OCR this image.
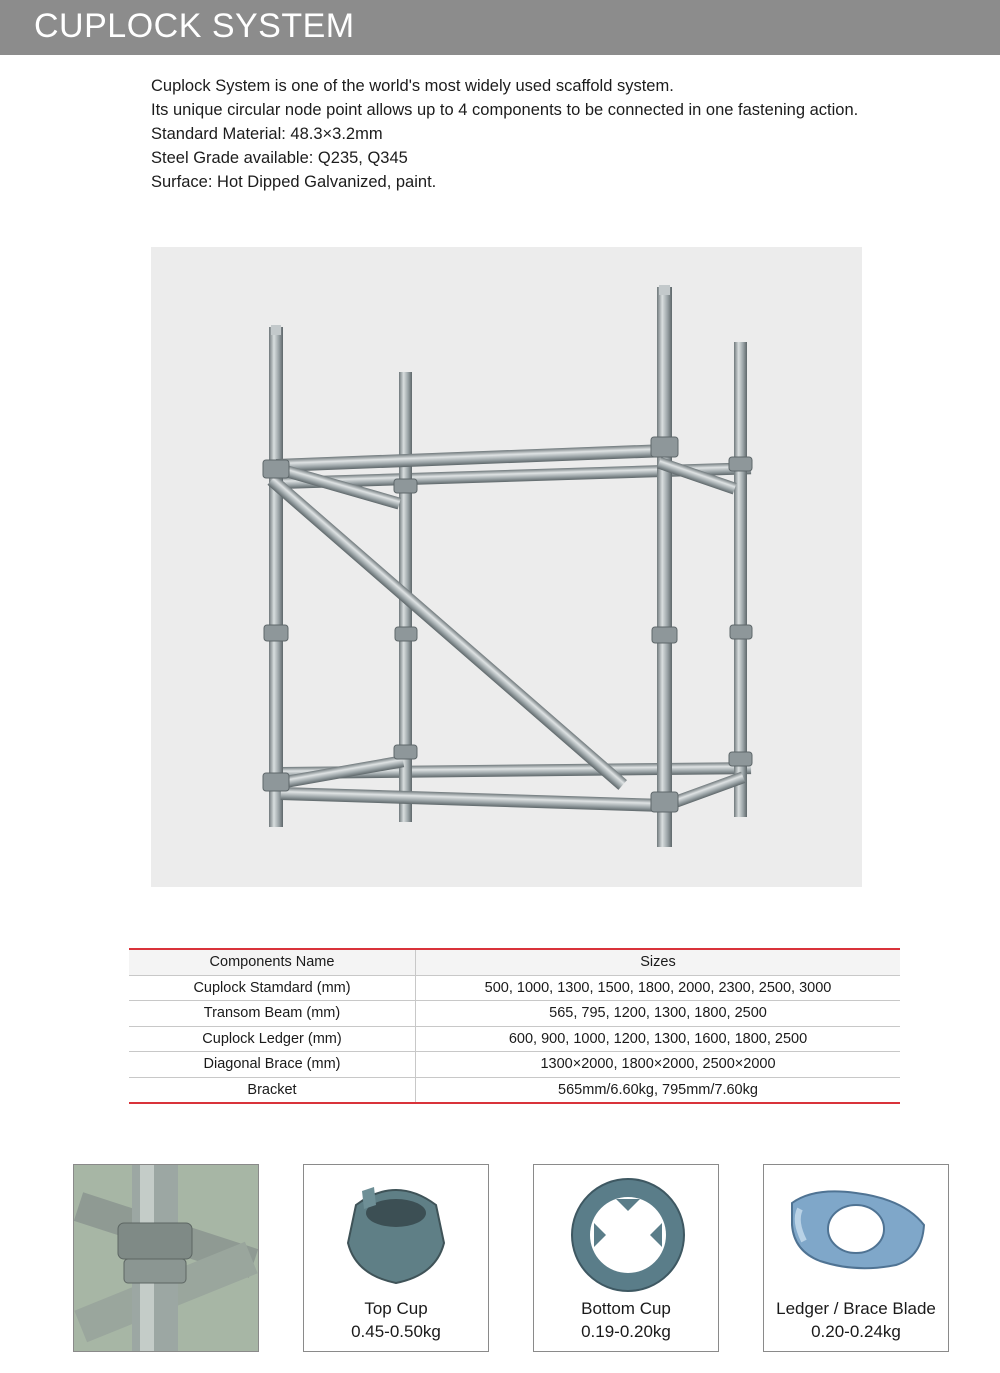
CUPLOCK SYSTEM
Cuplock System is one of the world's most widely used scaffold system.
Its unique circular node point allows up to 4 components to be connected in one fastening action.
Standard Material: 48.3×3.2mm
Steel Grade available: Q235, Q345
Surface: Hot Dipped Galvanized, paint.
Components Name	Sizes
Cuplock Stamdard (mm)	500, 1000, 1300, 1500, 1800, 2000, 2300, 2500, 3000
Transom Beam (mm)	565, 795, 1200, 1300, 1800, 2500
Cuplock Ledger (mm)	600, 900, 1000, 1200, 1300, 1600, 1800, 2500
Diagonal Brace (mm)	1300×2000, 1800×2000, 2500×2000
Bracket	565mm/6.60kg, 795mm/7.60kg
Top Cup
0.45-0.50kg
Bottom Cup
0.19-0.20kg
Ledger / Brace Blade
0.20-0.24kg
